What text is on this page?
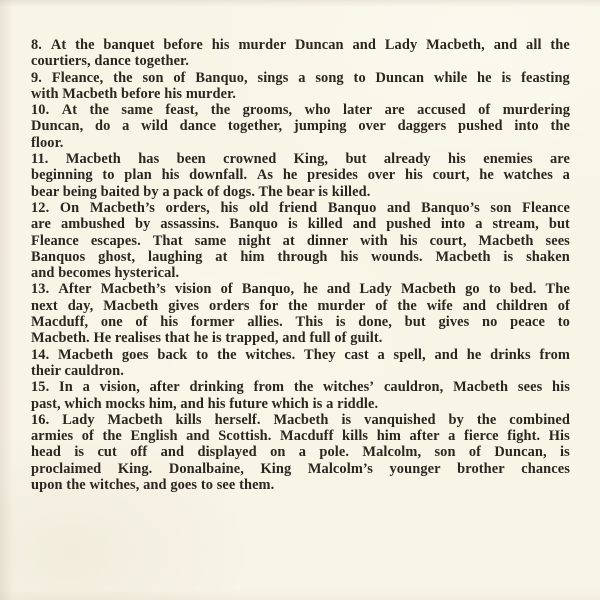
8. At the banquet before his murder Duncan and Lady Macbeth, and all the
courtiers, dance together.

9. Fleance, the son of Banquo, sings a song to Duncan while he is feasting
with Macbeth before his murder.

10. At the same feast, the grooms, who later are accused of murdering
Duncan, do a wild dance together, jumping over daggers pushed into the
floor.

11. Macbeth has been crowned King, but already his enemies are
beginning to plan his downfall. As he presides over his court, he watches a
bear being baited by a pack of dogs. The bear is killed.

12. On Macbeth’s orders, his old friend Banquo and Banquo’s son Fleance
are ambushed by assassins. Banquo is killed and pushed into a stream, but
Fleance escapes. That same night at dinner with his court, Macbeth sees
Banquos ghost, laughing at him through his wounds. Macbeth is shaken
and becomes hysterical.

13. After Macbeth’s vision of Banquo, he and Lady Macbeth go to bed. The
next day, Macbeth gives orders for the murder of the wife and children of
Macduff, one of his former allies. This is done, but gives no peace to
Macbeth. He realises that he is trapped, and full of guilt.

14. Macbeth goes back to the witches. They cast a spell, and he drinks from
their cauldron.

15. In a vision, after drinking from the witches’ cauldron, Macbeth sees his
past, which mocks him, and his future which is a riddle.

16. Lady Macbeth kills herself. Macbeth is vanquished by the combined
armies of the English and Scottish. Macduff kills him after a fierce fight. His
head is cut off and displayed on a pole. Malcolm, son of Duncan, is
proclaimed King. Donalbaine, King Malcolm’s younger brother chances
upon the witches, and goes to see them.
